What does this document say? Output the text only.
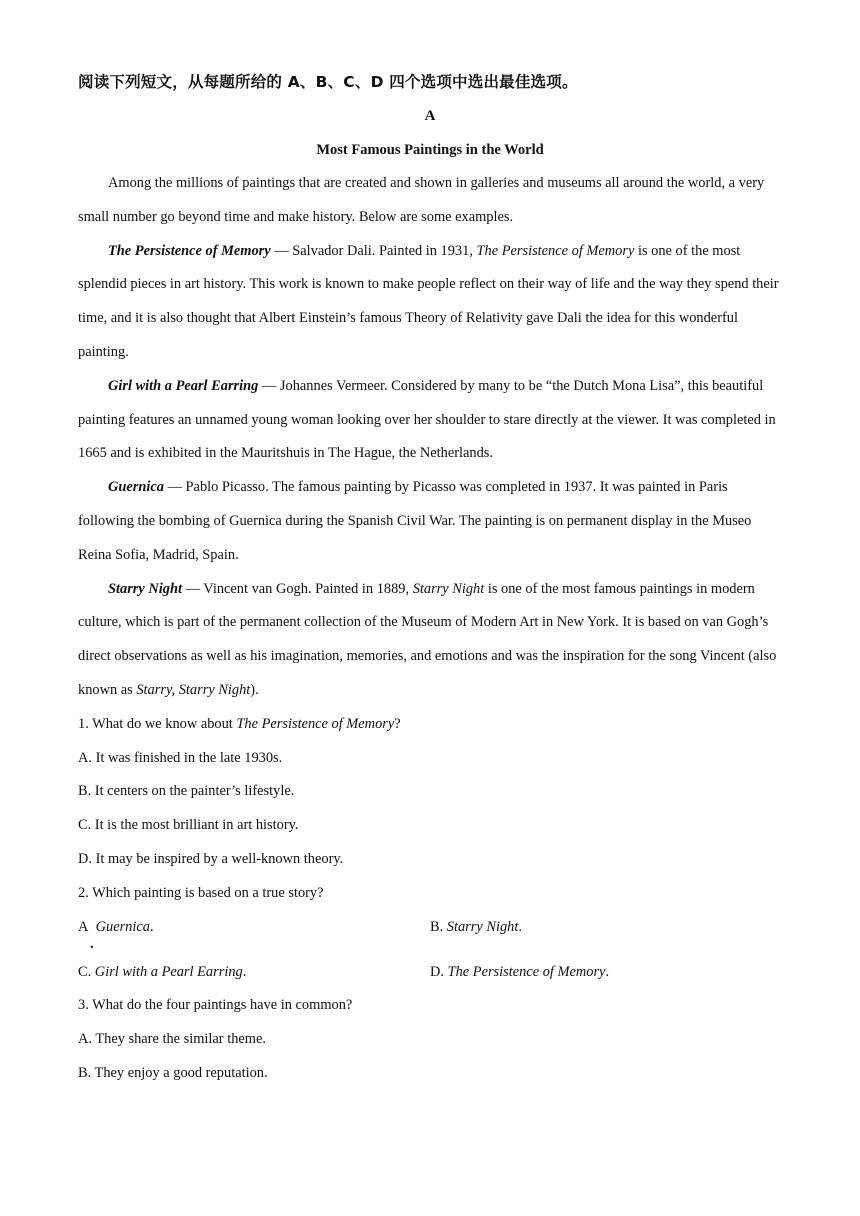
阅读下列短文，从每题所给的 A、B、C、D 四个选项中选出最佳选项。
A
Most Famous Paintings in the World

Among the millions of paintings that are created and shown in galleries and museums all around the world, a very small number go beyond time and make history. Below are some examples.

The Persistence of Memory — Salvador Dali. Painted in 1931, The Persistence of Memory is one of the most splendid pieces in art history. This work is known to make people reflect on their way of life and the way they spend their time, and it is also thought that Albert Einstein’s famous Theory of Relativity gave Dali the idea for this wonderful painting.

Girl with a Pearl Earring — Johannes Vermeer. Considered by many to be “the Dutch Mona Lisa”, this beautiful painting features an unnamed young woman looking over her shoulder to stare directly at the viewer. It was completed in 1665 and is exhibited in the Mauritshuis in The Hague, the Netherlands.

Guernica — Pablo Picasso. The famous painting by Picasso was completed in 1937. It was painted in Paris following the bombing of Guernica during the Spanish Civil War. The painting is on permanent display in the Museo Reina Sofia, Madrid, Spain.

Starry Night — Vincent van Gogh. Painted in 1889, Starry Night is one of the most famous paintings in modern culture, which is part of the permanent collection of the Museum of Modern Art in New York. It is based on van Gogh’s direct observations as well as his imagination, memories, and emotions and was the inspiration for the song Vincent (also known as Starry, Starry Night).

1. What do we know about The Persistence of Memory?

A. It was finished in the late 1930s.

B. It centers on the painter’s lifestyle.

C. It is the most brilliant in art history.

D. It may be inspired by a well-known theory.

2. Which painting is based on a true story?

A . Guernica.	B. Starry Night.
C. Girl with a Pearl Earring.	D. The Persistence of Memory.

3. What do the four paintings have in common?

A. They share the similar theme.

B. They enjoy a good reputation.
